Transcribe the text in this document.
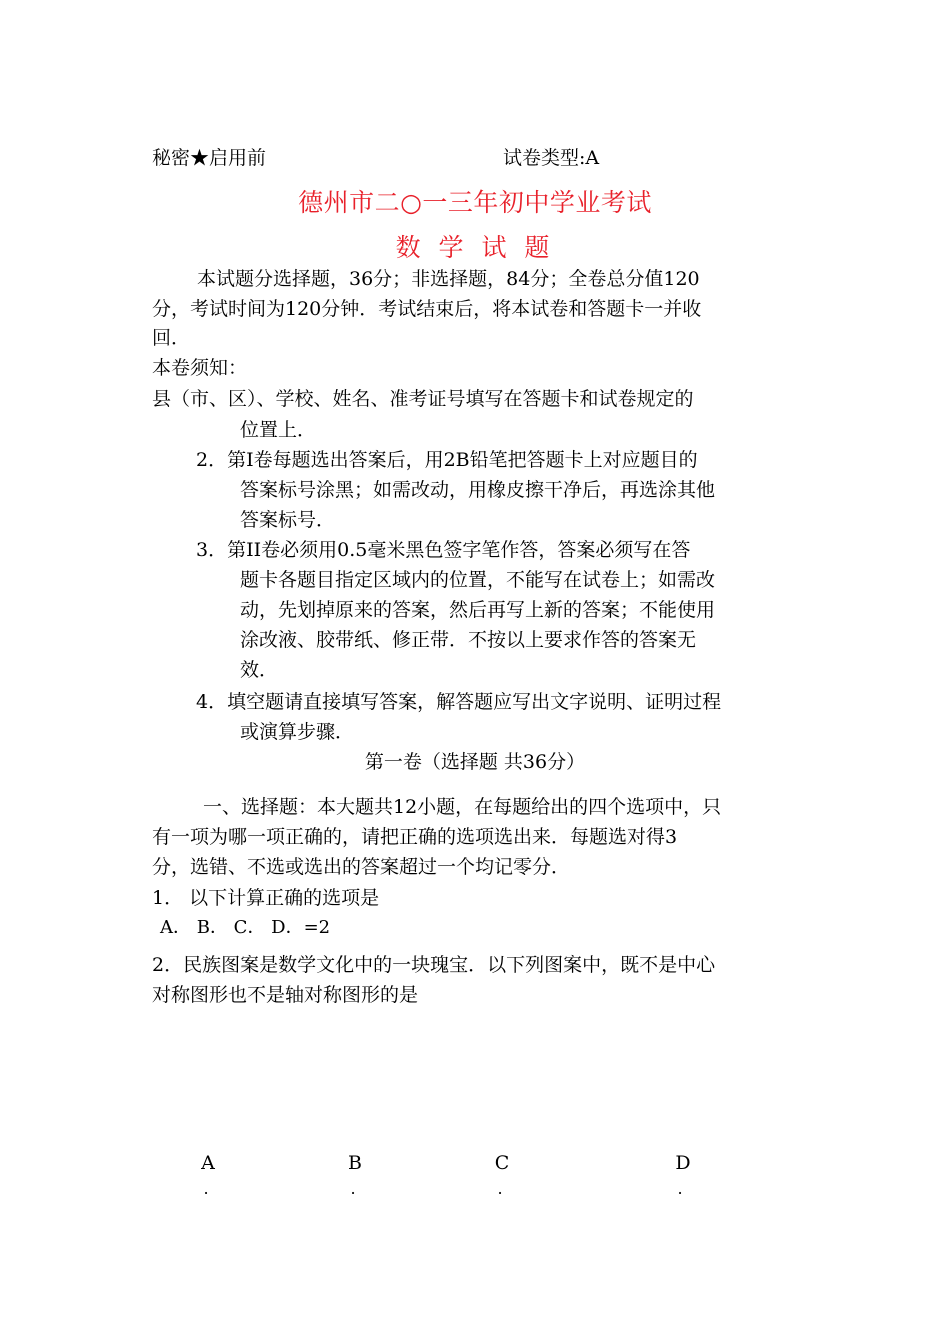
秘密★启用前	试卷类型:A
德州市二○一三年初中学业考试
数 学 试 题
本试题分选择题，36分；非选择题，84分；全卷总分值120
分，考试时间为120分钟．考试结束后，将本试卷和答题卡一并收
回．
本卷须知：
县（市、区）、学校、姓名、准考证号填写在答题卡和试卷规定的
位置上．
2．第I卷每题选出答案后，用2B铅笔把答题卡上对应题目的
答案标号涂黑；如需改动，用橡皮擦干净后，再选涂其他
答案标号．
3．第II卷必须用0.5毫米黑色签字笔作答，答案必须写在答
题卡各题目指定区域内的位置，不能写在试卷上；如需改
动，先划掉原来的答案，然后再写上新的答案；不能使用
涂改液、胶带纸、修正带．不按以上要求作答的答案无
效．
4．填空题请直接填写答案，解答题应写出文字说明、证明过程
或演算步骤．
第一卷（选择题 共36分）
一、选择题：本大题共12小题，在每题给出的四个选项中，只
有一项为哪一项正确的，请把正确的选项选出来．每题选对得3
分，选错、不选或选出的答案超过一个均记零分．
1． 以下计算正确的选项是
A． B． C． D．=2
2．民族图案是数学文化中的一块瑰宝．以下列图案中，既不是中心
对称图形也不是轴对称图形的是
A
.
B
.
C
.
D
.
